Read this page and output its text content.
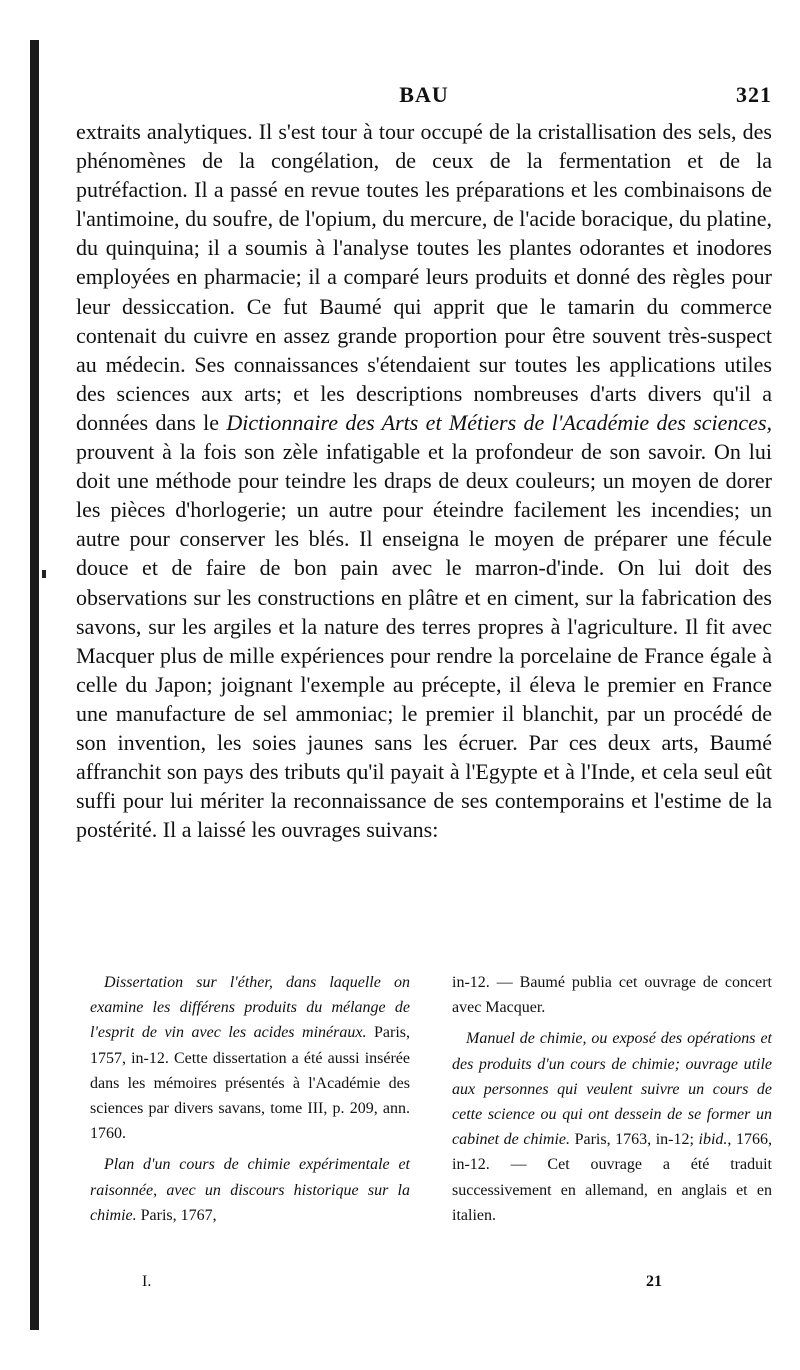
BAU	321
extraits analytiques. Il s'est tour à tour occupé de la cristallisation des sels, des phénomènes de la congélation, de ceux de la fermentation et de la putréfaction. Il a passé en revue toutes les préparations et les combinaisons de l'antimoine, du soufre, de l'opium, du mercure, de l'acide boracique, du platine, du quinquina; il a soumis à l'analyse toutes les plantes odorantes et inodores employées en pharmacie; il a comparé leurs produits et donné des règles pour leur dessiccation. Ce fut Baumé qui apprit que le tamarin du commerce contenait du cuivre en assez grande proportion pour être souvent très-suspect au médecin. Ses connaissances s'étendaient sur toutes les applications utiles des sciences aux arts; et les descriptions nombreuses d'arts divers qu'il a données dans le Dictionnaire des Arts et Métiers de l'Académie des sciences, prouvent à la fois son zèle infatigable et la profondeur de son savoir. On lui doit une méthode pour teindre les draps de deux couleurs; un moyen de dorer les pièces d'horlogerie; un autre pour éteindre facilement les incendies; un autre pour conserver les blés. Il enseigna le moyen de préparer une fécule douce et de faire de bon pain avec le marron-d'inde. On lui doit des observations sur les constructions en plâtre et en ciment, sur la fabrication des savons, sur les argiles et la nature des terres propres à l'agriculture. Il fit avec Macquer plus de mille expériences pour rendre la porcelaine de France égale à celle du Japon; joignant l'exemple au précepte, il éleva le premier en France une manufacture de sel ammoniac; le premier il blanchit, par un procédé de son invention, les soies jaunes sans les écruer. Par ces deux arts, Baumé affranchit son pays des tributs qu'il payait à l'Egypte et à l'Inde, et cela seul eût suffi pour lui mériter la reconnaissance de ses contemporains et l'estime de la postérité. Il a laissé les ouvrages suivans:

Dissertation sur l'éther, dans laquelle on examine les différens produits du mélange de l'esprit de vin avec les acides minéraux. Paris, 1757, in-12. Cette dissertation a été aussi insérée dans les mémoires présentés à l'Académie des sciences par divers savans, tome III, p. 209, ann. 1760.

Plan d'un cours de chimie expérimentale et raisonnée, avec un discours historique sur la chimie. Paris, 1767,

in-12. — Baumé publia cet ouvrage de concert avec Macquer.

Manuel de chimie, ou exposé des opérations et des produits d'un cours de chimie; ouvrage utile aux personnes qui veulent suivre un cours de cette science ou qui ont dessein de se former un cabinet de chimie. Paris, 1763, in-12; ibid., 1766, in-12. — Cet ouvrage a été traduit successivement en allemand, en anglais et en italien.

I.	21
